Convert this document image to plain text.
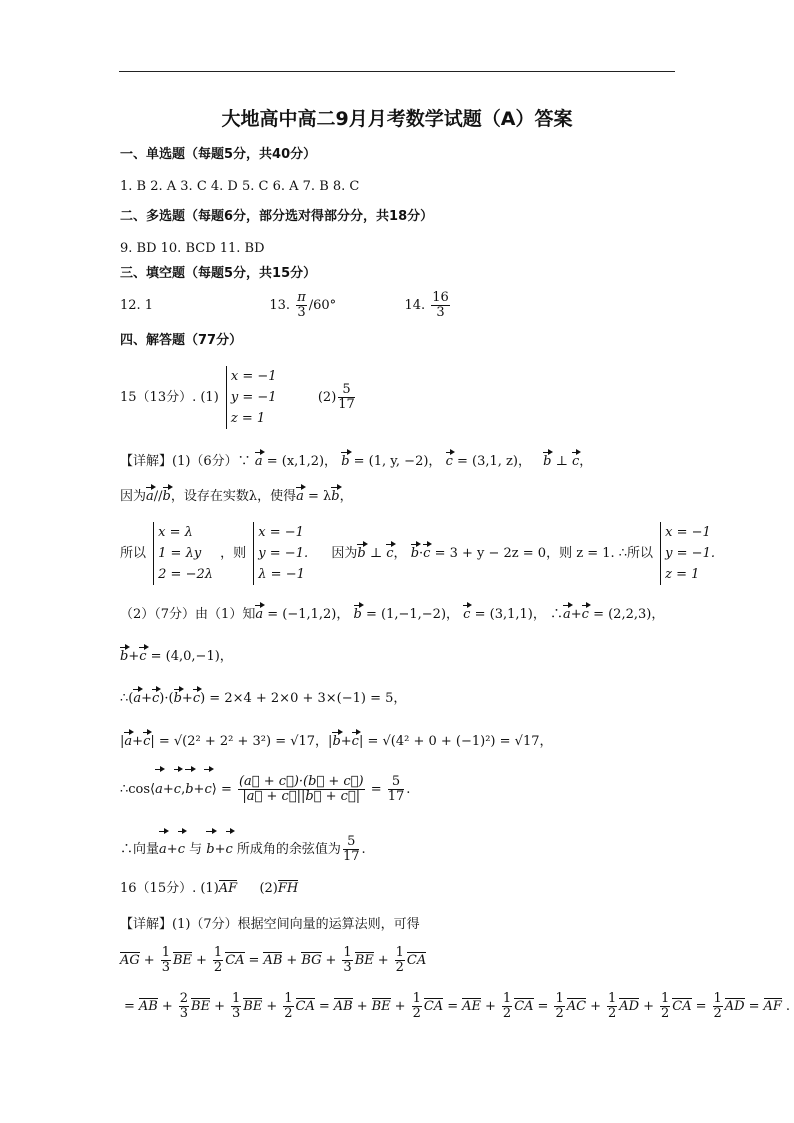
大地高中高二9月月考数学试题（A）答案
一、单选题（每题5分，共40分）
1. B 2. A 3. C 4. D 5. C 6. A 7. B 8. C
二、多选题（每题6分，部分选对得部分分，共18分）
9. BD 10. BCD 11. BD
三、填空题（每题5分，共15分）
12. 1	13. $\frac{\pi}{3} /60^\circ$	14. $\frac{16}{3}$
四、解答题（77分）
15（13分）. (1)
x = −1
y = −1
z = 1
$(2) \frac{5}{17}$
【详解】(1)（6分）∵ a = (x,1,2)， b = (1, y, −2)， c = (3,1, z)， b ⊥ c，
因为a//b，设存在实数λ，使得a = λb，
所以
x = λ
1 = λy
2 = −2λ
，则
x = −1
y = −1.
λ = −1
因为b ⊥ c， b·c = 3 + y − 2z = 0，则 z = 1. ∴所以
x = −1
y = −1.
z = 1
（2）（7分）由（1）知a = (−1,1,2)， b = (1,−1,−2)， c = (3,1,1)， ∴a+c = (2,2,3)，
b+c = (4,0,−1)，
∴(a+c)·(b+c) = 2×4 + 2×0 + 3×(−1) = 5，
|a+c| = √(2² + 2² + 3²) = √17，|b+c| = √(4² + 0 + (−1)²) = √17，
∴cos⟨a+c,b+c⟩ = $\frac{(a⃗ + c⃗)\cdot(b⃗ + c⃗)}{|a⃗ + c⃗||b⃗ + c⃗|} = \frac{5}{17}$ .
∴向量a+c 与 b+c 所成角的余弦值为 $\frac{5}{17}$ .
16（15分）. (1)AF (2)FH
【详解】(1)（7分）根据空间向量的运算法则，可得
AG + $\frac{1}{3}$ BE + $\frac{1}{2}$ CA = AB + BG + $\frac{1}{3}$ BE + $\frac{1}{2}$ CA
= AB + $\frac{2}{3}$ BE + $\frac{1}{3}$ BE + $\frac{1}{2}$ CA = AB + BE + $\frac{1}{2}$ CA = AE + $\frac{1}{2}$ CA = $\frac{1}{2}$ AC + $\frac{1}{2}$ AD + $\frac{1}{2}$ CA = $\frac{1}{2}$ AD = AF .
